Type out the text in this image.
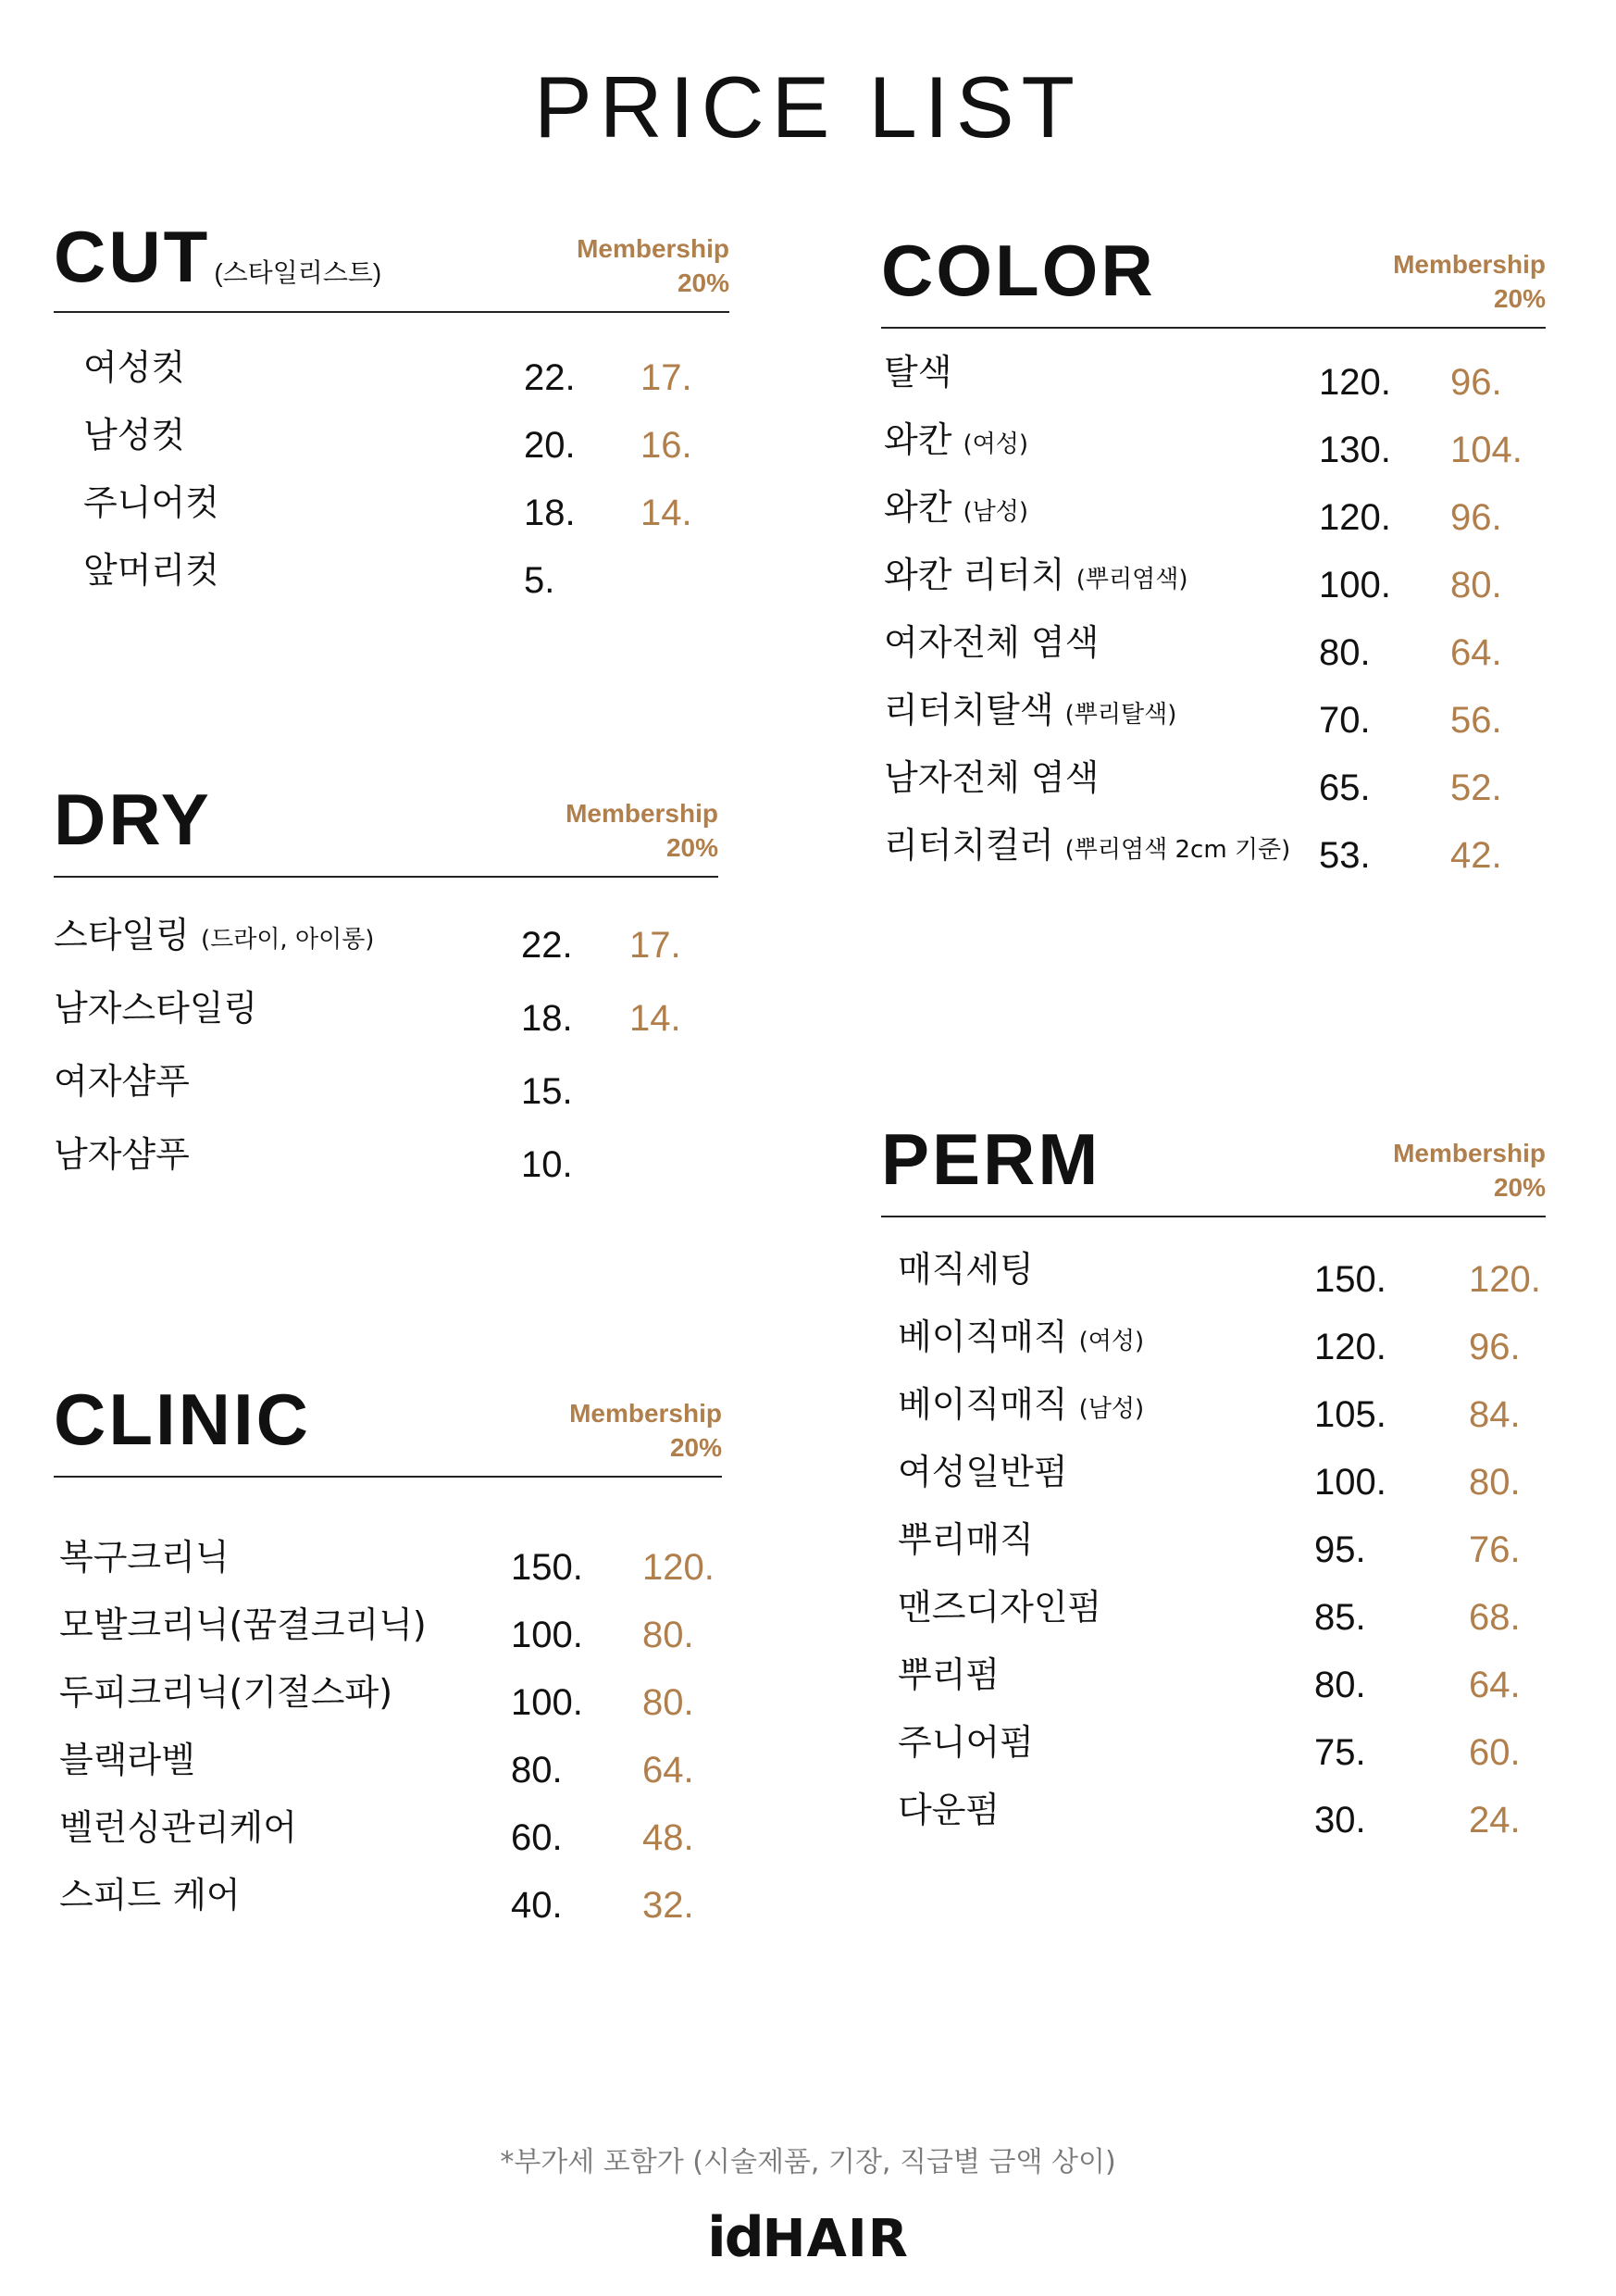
PRICE LIST
CUT (스타일리스트)
Membership
20%
여성컷	22. 17.
남성컷	20. 16.
주니어컷	18. 14.
앞머리컷	5.
DRY	Membership
20%
스타일링 (드라이, 아이롱)	22. 17.
남자스타일링	18. 14.
여자샴푸	15.
남자샴푸	10.
CLINIC	Membership
20%
복구크리닉	150. 120.
모발크리닉(꿈결크리닉) 100. 80.
두피크리닉(기절스파)	100. 80.
블랙라벨	80. 64.
벨런싱관리케어	60. 48.
스피드 케어	40. 32.
COLOR	Membership
20%
탈색	120. 96.
와칸 (여성)	130. 104.
와칸 (남성)	120. 96.
와칸 리터치 (뿌리염색)	100. 80.
여자전체 염색	80. 64.
리터치탈색 (뿌리탈색)	70. 56.
남자전체 염색	65. 52.
리터치컬러 (뿌리염색 2cm 기준) 53. 42.
PERM	Membership
20%
매직세팅	150. 120.
베이직매직 (여성)	120. 96.
베이직매직 (남성)	105. 84.
여성일반펌	100. 80.
뿌리매직	95.	76.
맨즈디자인펌	85.	68.
뿌리펌	80.	64.
주니어펌	75.	60.
다운펌	30.	24.
*부가세 포함가 (시술제품, 기장, 직급별 금액 상이)
idHAIR
